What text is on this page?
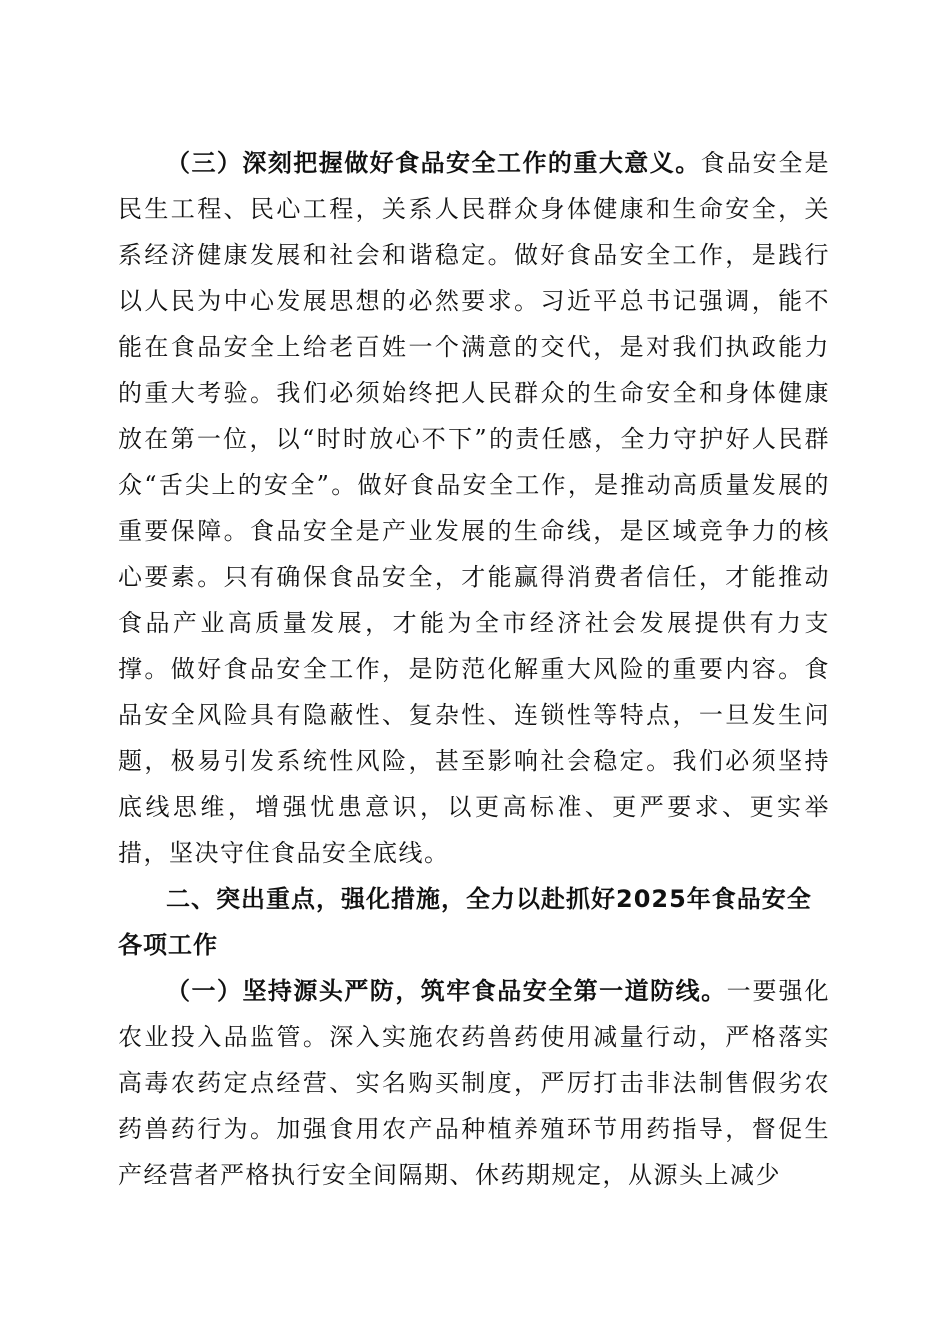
（三）深刻把握做好食品安全工作的重大意义。食品安全是民生工程、民心工程，关系人民群众身体健康和生命安全，关系经济健康发展和社会和谐稳定。做好食品安全工作，是践行以人民为中心发展思想的必然要求。习近平总书记强调，能不能在食品安全上给老百姓一个满意的交代，是对我们执政能力的重大考验。我们必须始终把人民群众的生命安全和身体健康放在第一位，以“时时放心不下”的责任感，全力守护好人民群众“舌尖上的安全”。做好食品安全工作，是推动高质量发展的重要保障。食品安全是产业发展的生命线，是区域竞争力的核心要素。只有确保食品安全，才能赢得消费者信任，才能推动食品产业高质量发展，才能为全市经济社会发展提供有力支撑。做好食品安全工作，是防范化解重大风险的重要内容。食品安全风险具有隐蔽性、复杂性、连锁性等特点，一旦发生问题，极易引发系统性风险，甚至影响社会稳定。我们必须坚持底线思维，增强忧患意识，以更高标准、更严要求、更实举措，坚决守住食品安全底线。

二、突出重点，强化措施，全力以赴抓好2025年食品安全各项工作

（一）坚持源头严防，筑牢食品安全第一道防线。一要强化农业投入品监管。深入实施农药兽药使用减量行动，严格落实高毒农药定点经营、实名购买制度，严厉打击非法制售假劣农药兽药行为。加强食用农产品种植养殖环节用药指导，督促生产经营者严格执行安全间隔期、休药期规定，从源头上减少
